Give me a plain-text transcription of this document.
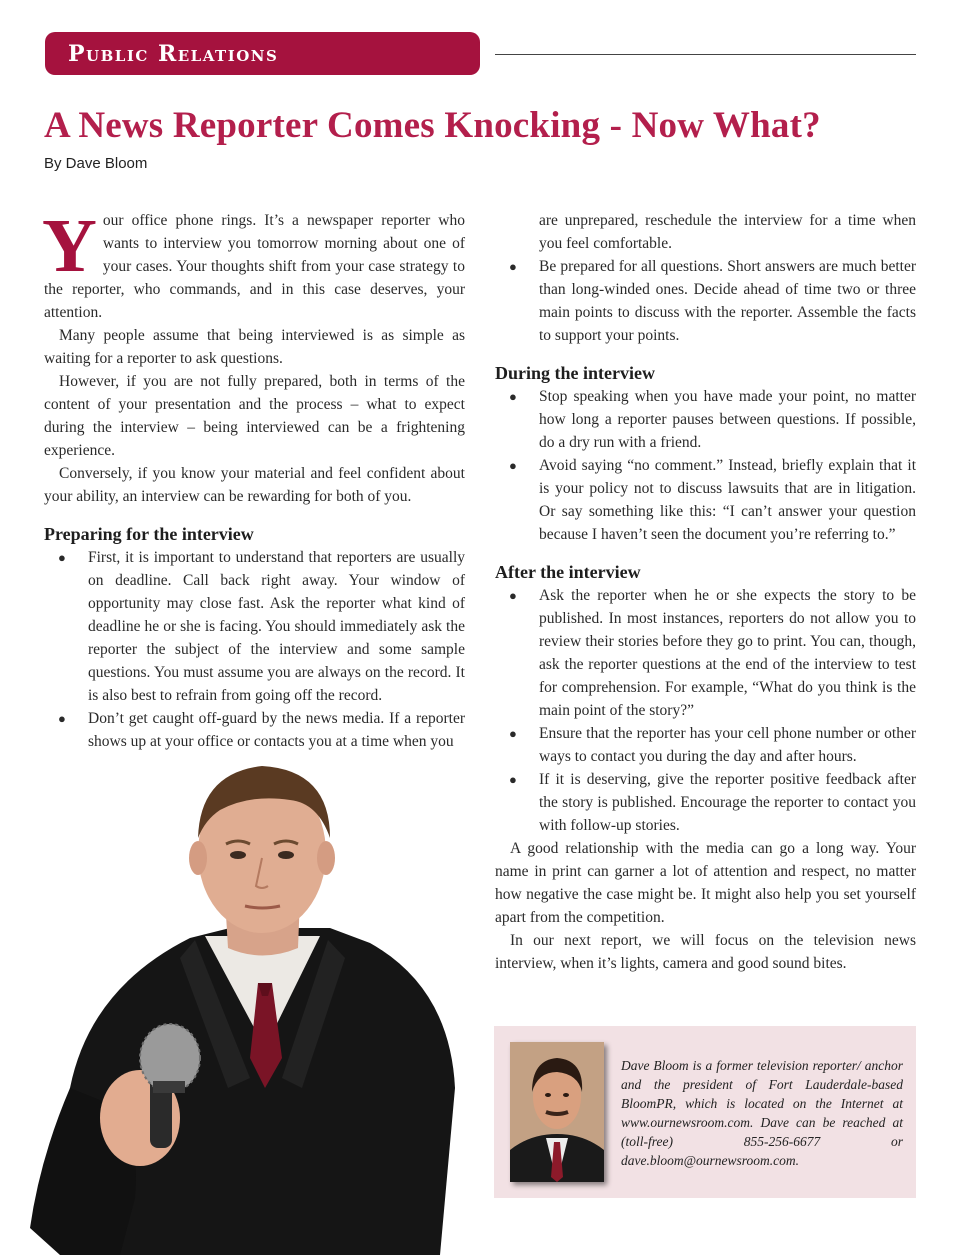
Public Relations
A News Reporter Comes Knocking - Now What?
By Dave Bloom

Your office phone rings. It’s a newspaper reporter who wants to interview you tomorrow morning about one of your cases. Your thoughts shift from your case strategy to the reporter, who commands, and in this case deserves, your attention.

Many people assume that being interviewed is as simple as waiting for a reporter to ask questions.

However, if you are not fully prepared, both in terms of the content of your presentation and the process – what to expect during the interview – being interviewed can be a frightening experience.

Conversely, if you know your material and feel confident about your ability, an interview can be rewarding for both of you.

Preparing for the interview
● First, it is important to understand that reporters are usually on deadline. Call back right away. Your window of opportunity may close fast. Ask the reporter what kind of deadline he or she is facing. You should immediately ask the reporter the subject of the interview and some sample questions. You must assume you are always on the record. It is also best to refrain from going off the record.
● Don’t get caught off-guard by the news media. If a reporter shows up at your office or contacts you at a time when you
are unprepared, reschedule the interview for a time when you feel comfortable.
● Be prepared for all questions. Short answers are much better than long-winded ones. Decide ahead of time two or three main points to discuss with the reporter. Assemble the facts to support your points.
During the interview
● Stop speaking when you have made your point, no matter how long a reporter pauses between questions. If possible, do a dry run with a friend.
● Avoid saying “no comment.” Instead, briefly explain that it is your policy not to discuss lawsuits that are in litigation. Or say something like this: “I can’t answer your question because I haven’t seen the document you’re referring to.”
After the interview
● Ask the reporter when he or she expects the story to be published. In most instances, reporters do not allow you to review their stories before they go to print. You can, though, ask the reporter questions at the end of the interview to test for comprehension. For example, “What do you think is the main point of the story?”
● Ensure that the reporter has your cell phone number or other ways to contact you during the day and after hours.
● If it is deserving, give the reporter positive feedback after the story is published. Encourage the reporter to contact you with follow-up stories.

A good relationship with the media can go a long way. Your name in print can garner a lot of attention and respect, no matter how negative the case might be. It might also help you set yourself apart from the competition.

In our next report, we will focus on the television news interview, when it’s lights, camera and good sound bites.

Dave Bloom is a former television reporter/ anchor and the president of Fort Lauderdale-based BloomPR, which is located on the Internet at www.ournewsroom.com. Dave can be reached at (toll-free) 855-256-6677 or dave.bloom@ournewsroom.com.
